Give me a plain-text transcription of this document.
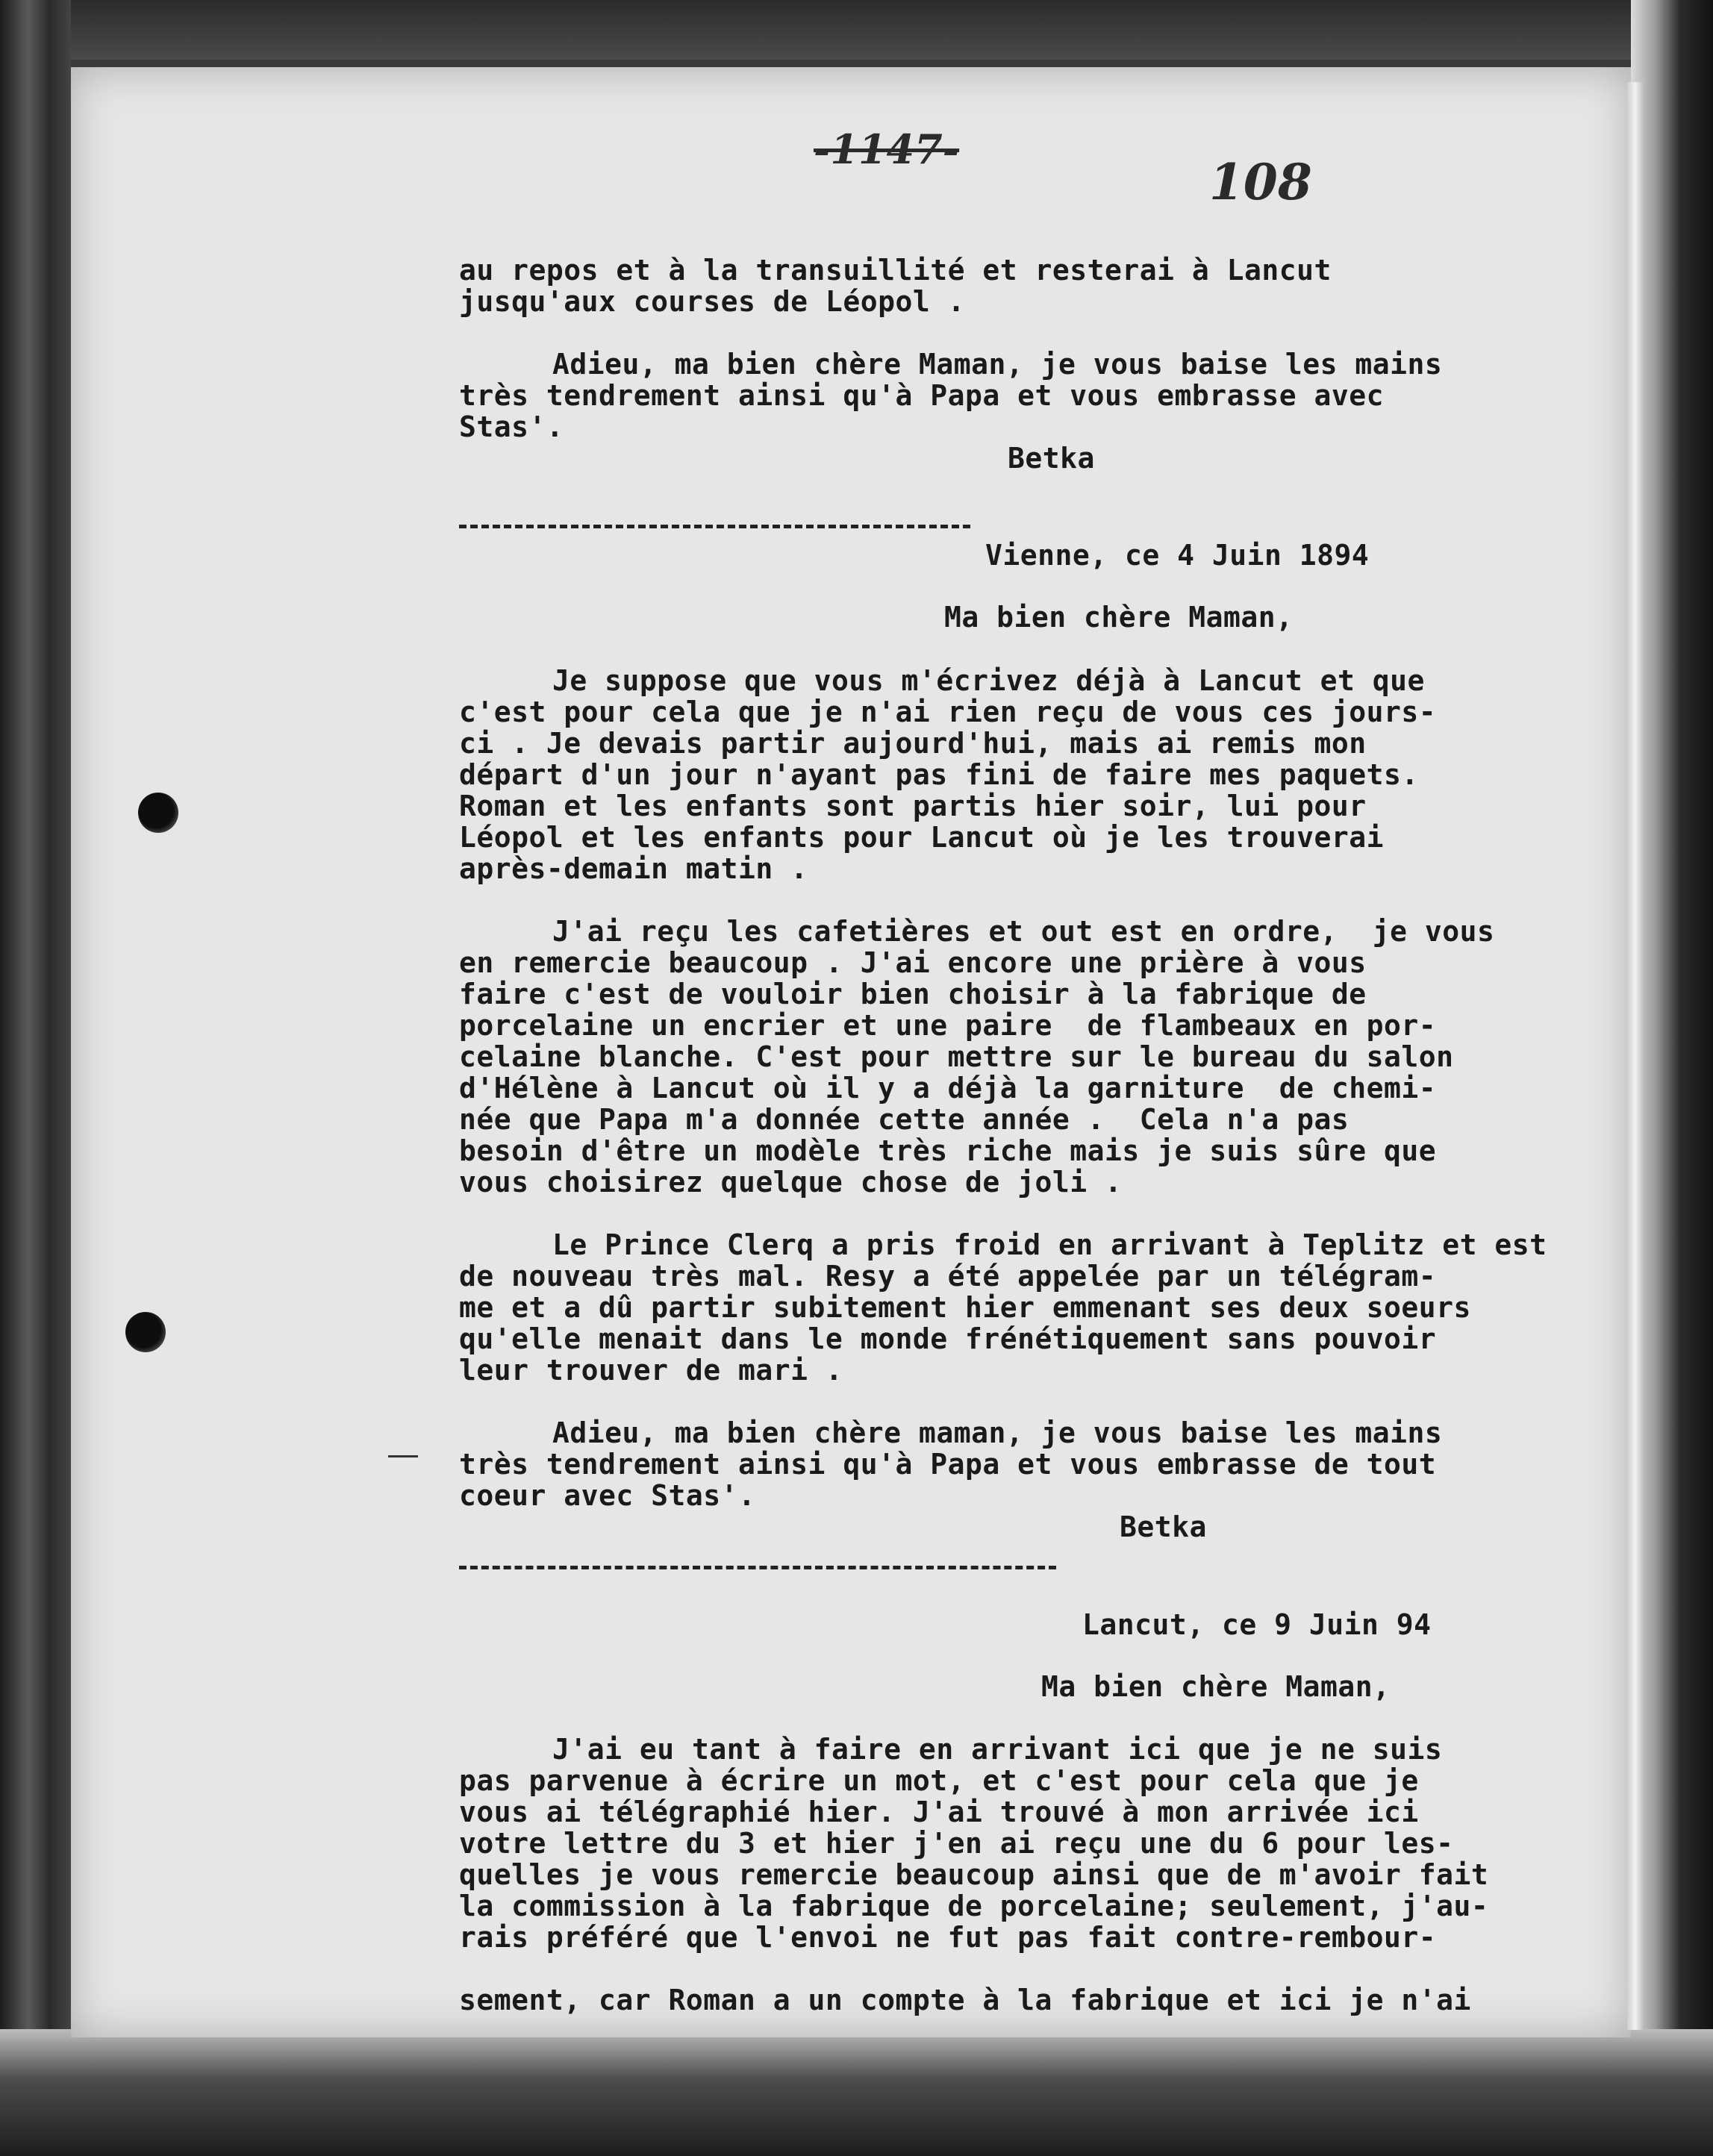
-1147-
108
au repos et à la transuillité et resterai à Lancut
jusqu'aux courses de Léopol .
Adieu, ma bien chère Maman, je vous baise les mains
très tendrement ainsi qu'à Papa et vous embrasse avec
Stas'.
Betka
Vienne, ce 4 Juin 1894
Ma bien chère Maman,
Je suppose que vous m'écrivez déjà à Lancut et que
c'est pour cela que je n'ai rien reçu de vous ces jours-
ci . Je devais partir aujourd'hui, mais ai remis mon
départ d'un jour n'ayant pas fini de faire mes paquets.
Roman et les enfants sont partis hier soir, lui pour
Léopol et les enfants pour Lancut où je les trouverai
après-demain matin .
J'ai reçu les cafetières et out est en ordre,  je vous
en remercie beaucoup . J'ai encore une prière à vous
faire c'est de vouloir bien choisir à la fabrique de
porcelaine un encrier et une paire  de flambeaux en por-
celaine blanche. C'est pour mettre sur le bureau du salon
d'Hélène à Lancut où il y a déjà la garniture  de chemi-
née que Papa m'a donnée cette année .  Cela n'a pas
besoin d'être un modèle très riche mais je suis sûre que
vous choisirez quelque chose de joli .
Le Prince Clerq a pris froid en arrivant à Teplitz et est
de nouveau très mal. Resy a été appelée par un télégram-
me et a dû partir subitement hier emmenant ses deux soeurs
qu'elle menait dans le monde frénétiquement sans pouvoir
leur trouver de mari .
Adieu, ma bien chère maman, je vous baise les mains
très tendrement ainsi qu'à Papa et vous embrasse de tout
coeur avec Stas'.
Betka
Lancut, ce 9 Juin 94
Ma bien chère Maman,
J'ai eu tant à faire en arrivant ici que je ne suis
pas parvenue à écrire un mot, et c'est pour cela que je
vous ai télégraphié hier. J'ai trouvé à mon arrivée ici
votre lettre du 3 et hier j'en ai reçu une du 6 pour les-
quelles je vous remercie beaucoup ainsi que de m'avoir fait
la commission à la fabrique de porcelaine; seulement, j'au-
rais préféré que l'envoi ne fut pas fait contre-rembour-
sement, car Roman a un compte à la fabrique et ici je n'ai
